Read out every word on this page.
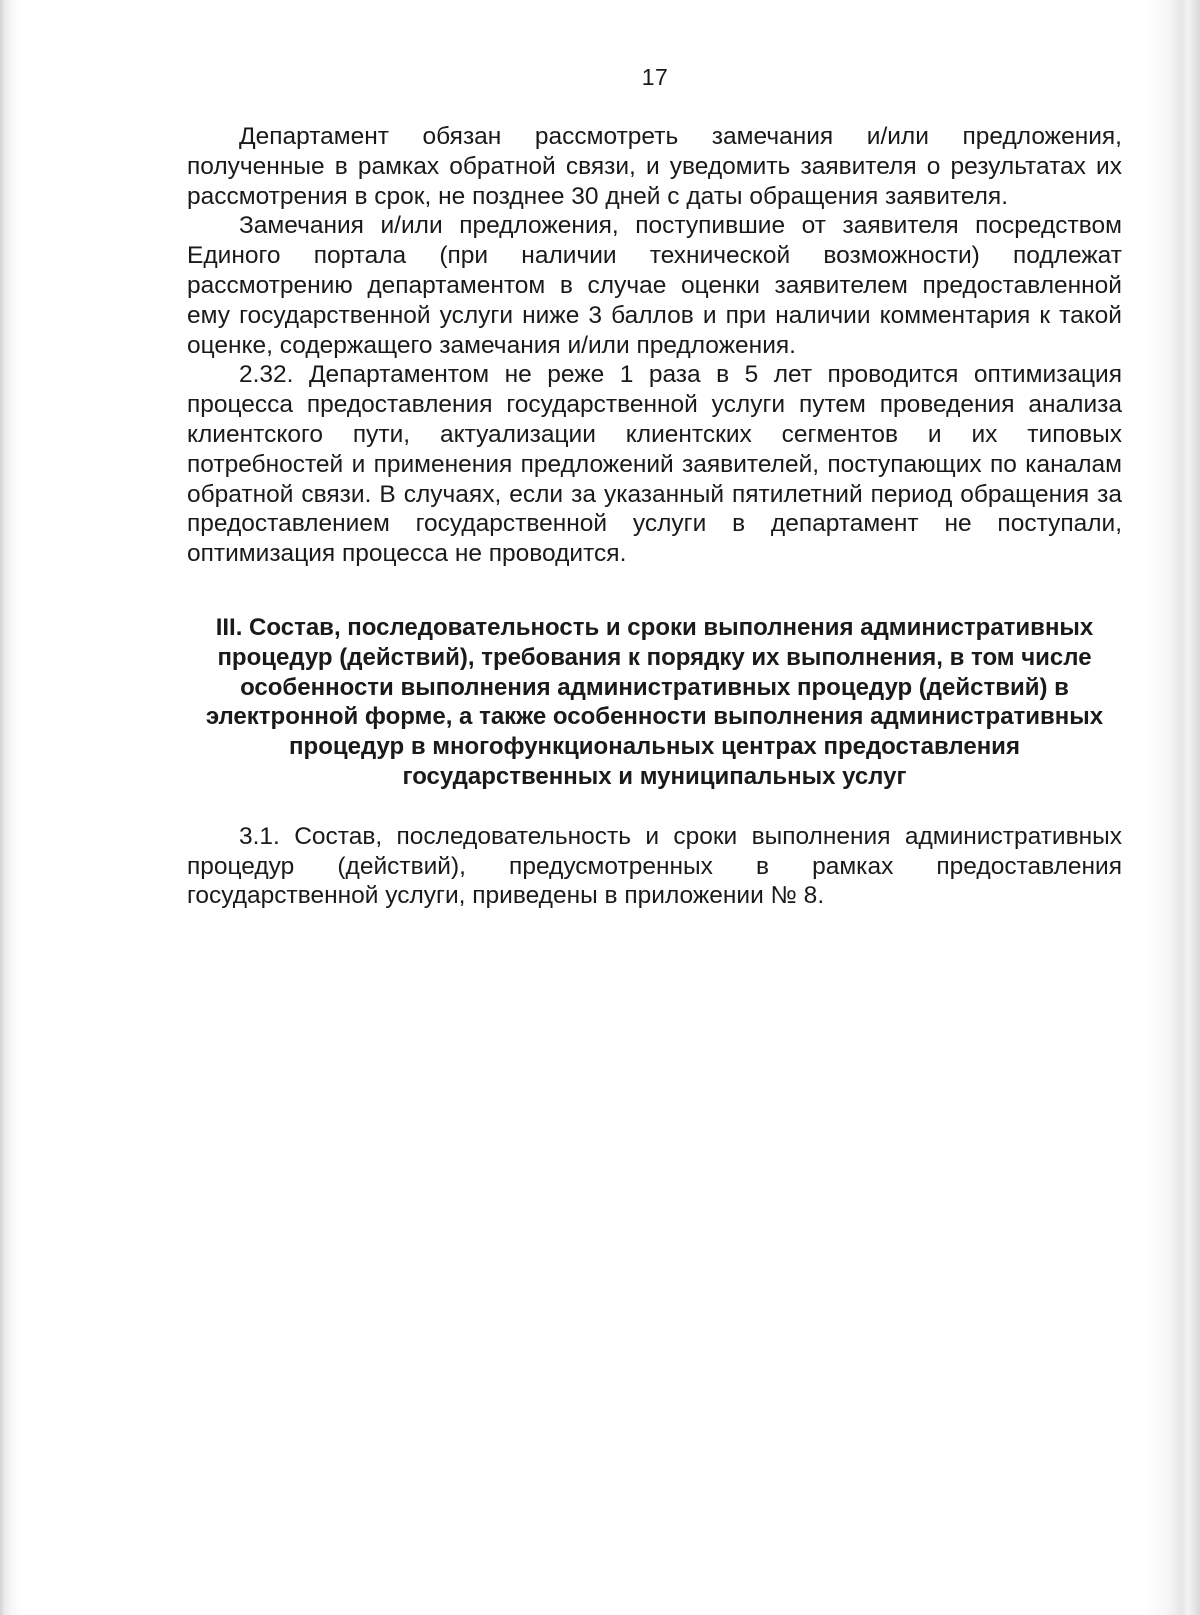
17

Департамент обязан рассмотреть замечания и/или предложения, полученные в рамках обратной связи, и уведомить заявителя о результатах их рассмотрения в срок, не позднее 30 дней с даты обращения заявителя.

Замечания и/или предложения, поступившие от заявителя посредством Единого портала (при наличии технической возможности) подлежат рассмотрению департаментом в случае оценки заявителем предоставленной ему государственной услуги ниже 3 баллов и при наличии комментария к такой оценке, содержащего замечания и/или предложения.

2.32. Департаментом не реже 1 раза в 5 лет проводится оптимизация процесса предоставления государственной услуги путем проведения анализа клиентского пути, актуализации клиентских сегментов и их типовых потребностей и применения предложений заявителей, поступающих по каналам обратной связи. В случаях, если за указанный пятилетний период обращения за предоставлением государственной услуги в департамент не поступали, оптимизация процесса не проводится.

III. Состав, последовательность и сроки выполнения административных процедур (действий), требования к порядку их выполнения, в том числе особенности выполнения административных процедур (действий) в электронной форме, а также особенности выполнения административных процедур в многофункциональных центрах предоставления государственных и муниципальных услуг

3.1. Состав, последовательность и сроки выполнения административных процедур (действий), предусмотренных в рамках предоставления государственной услуги, приведены в приложении № 8.
